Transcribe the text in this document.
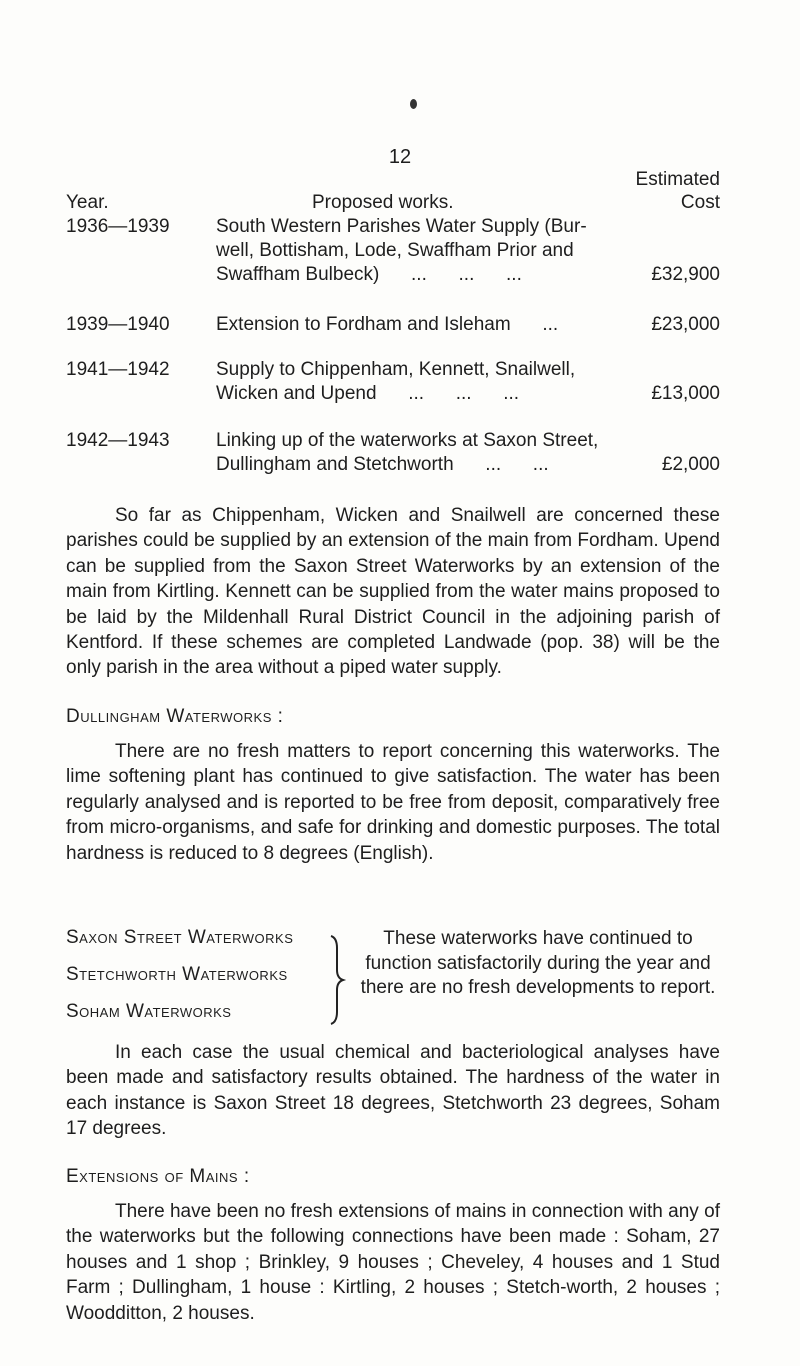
12
Estimated
Year.	Proposed works.	Cost
1936—1939	South Western Parishes Water Supply (Bur-
well, Bottisham, Lode, Swaffham Prior and
Swaffham Bulbeck)      ...      ...      ...	£32,900
1939—1940	Extension to Fordham and Isleham      ...	£23,000
1941—1942	Supply to Chippenham, Kennett, Snailwell,
Wicken and Upend      ...      ...      ...	£13,000
1942—1943	Linking up of the waterworks at Saxon Street,
Dullingham and Stetchworth      ...      ...	£2,000
So far as Chippenham, Wicken and Snailwell are concerned these parishes could be supplied by an extension of the main from Fordham. Upend can be supplied from the Saxon Street Waterworks by an extension of the main from Kirtling. Kennett can be supplied from the water mains proposed to be laid by the Mildenhall Rural District Council in the adjoining parish of Kentford. If these schemes are completed Landwade (pop. 38) will be the only parish in the area without a piped water supply.
Dullingham Waterworks :
There are no fresh matters to report concerning this waterworks. The lime softening plant has continued to give satisfaction. The water has been regularly analysed and is reported to be free from deposit, comparatively free from micro-organisms, and safe for drinking and domestic purposes. The total hardness is reduced to 8 degrees (English).
Saxon Street Waterworks
Stetchworth Waterworks
Soham Waterworks
These waterworks have continued to function satisfactorily during the year and there are no fresh developments to report.
In each case the usual chemical and bacteriological analyses have been made and satisfactory results obtained. The hardness of the water in each instance is Saxon Street 18 degrees, Stetchworth 23 degrees, Soham 17 degrees.
Extensions of Mains :
There have been no fresh extensions of mains in connection with any of the waterworks but the following connections have been made : Soham, 27 houses and 1 shop ; Brinkley, 9 houses ; Cheveley, 4 houses and 1 Stud Farm ; Dullingham, 1 house : Kirtling, 2 houses ; Stetch-worth, 2 houses ; Woodditton, 2 houses.
